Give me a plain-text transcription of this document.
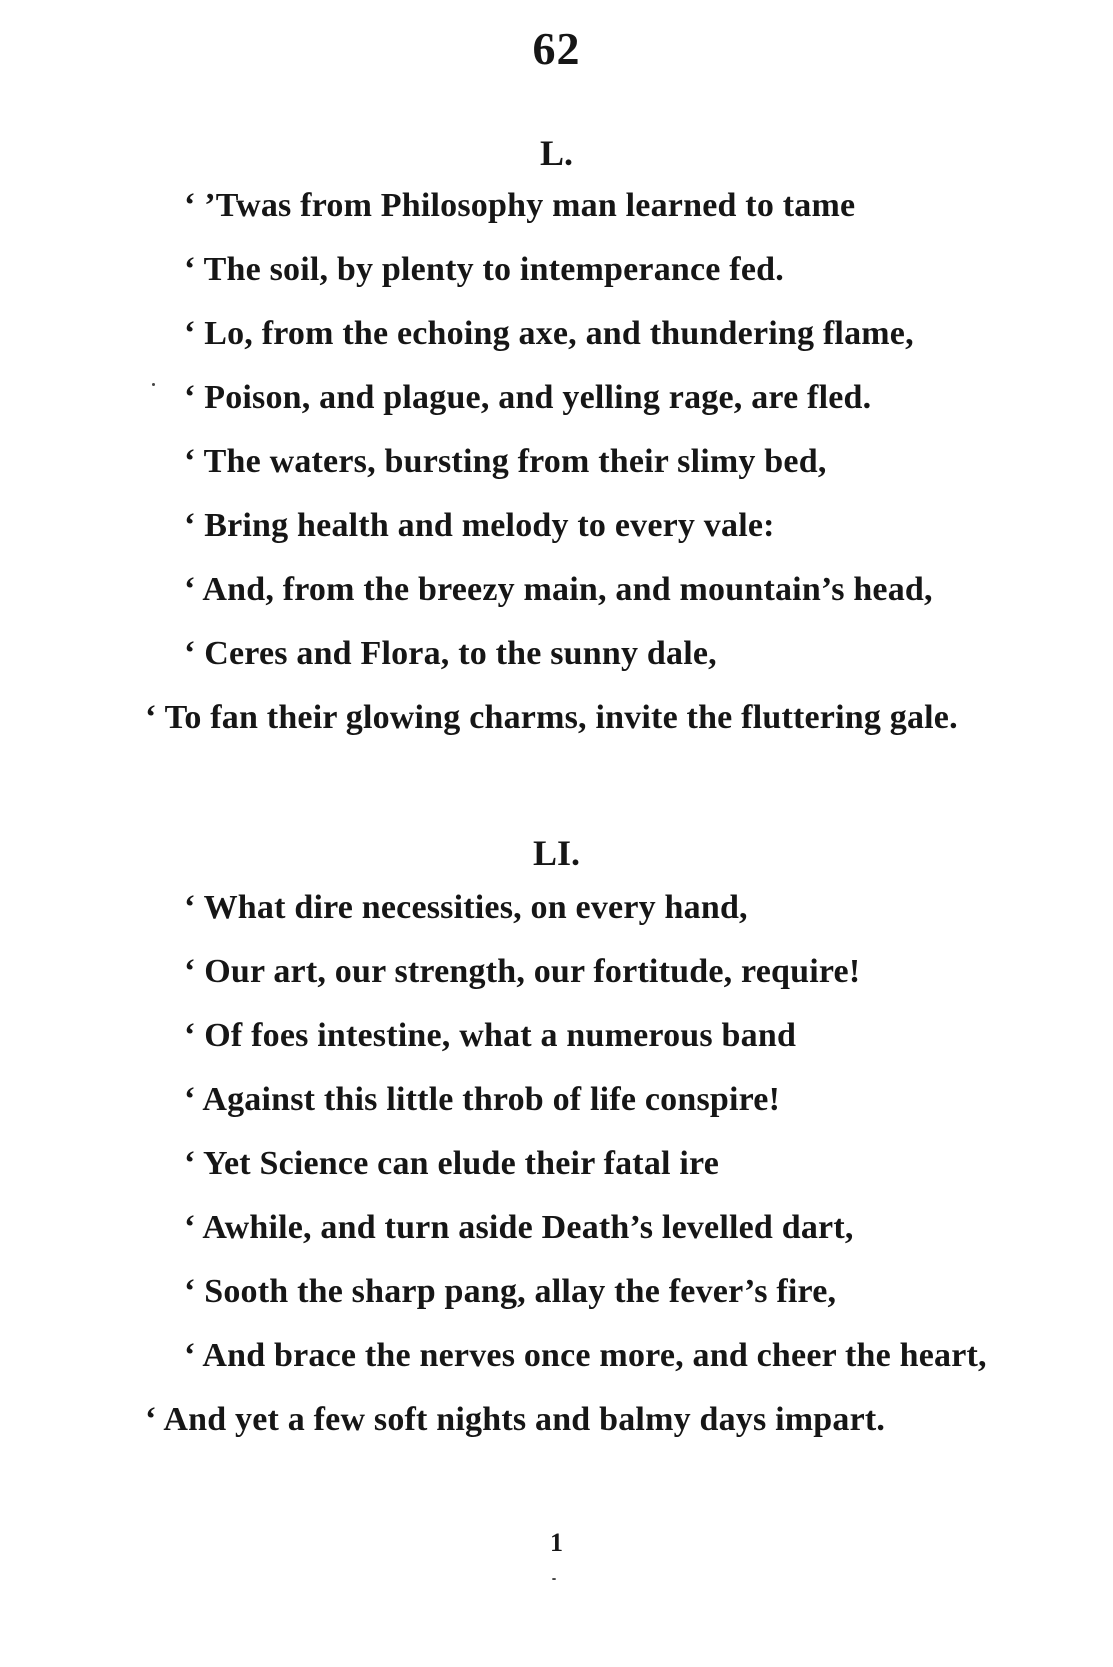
62
L.
‘ ’Twas from Philosophy man learned to tame
‘ The soil, by plenty to intemperance fed.
‘ Lo, from the echoing axe, and thundering flame,
‘ Poison, and plague, and yelling rage, are fled.
‘ The waters, bursting from their slimy bed,
‘ Bring health and melody to every vale:
‘ And, from the breezy main, and mountain’s head,
‘ Ceres and Flora, to the sunny dale,
‘ To fan their glowing charms, invite the fluttering gale.
LI.
‘ What dire necessities, on every hand,
‘ Our art, our strength, our fortitude, require!
‘ Of foes intestine, what a numerous band
‘ Against this little throb of life conspire!
‘ Yet Science can elude their fatal ire
‘ Awhile, and turn aside Death’s levelled dart,
‘ Sooth the sharp pang, allay the fever’s fire,
‘ And brace the nerves once more, and cheer the heart,
‘ And yet a few soft nights and balmy days impart.
1
